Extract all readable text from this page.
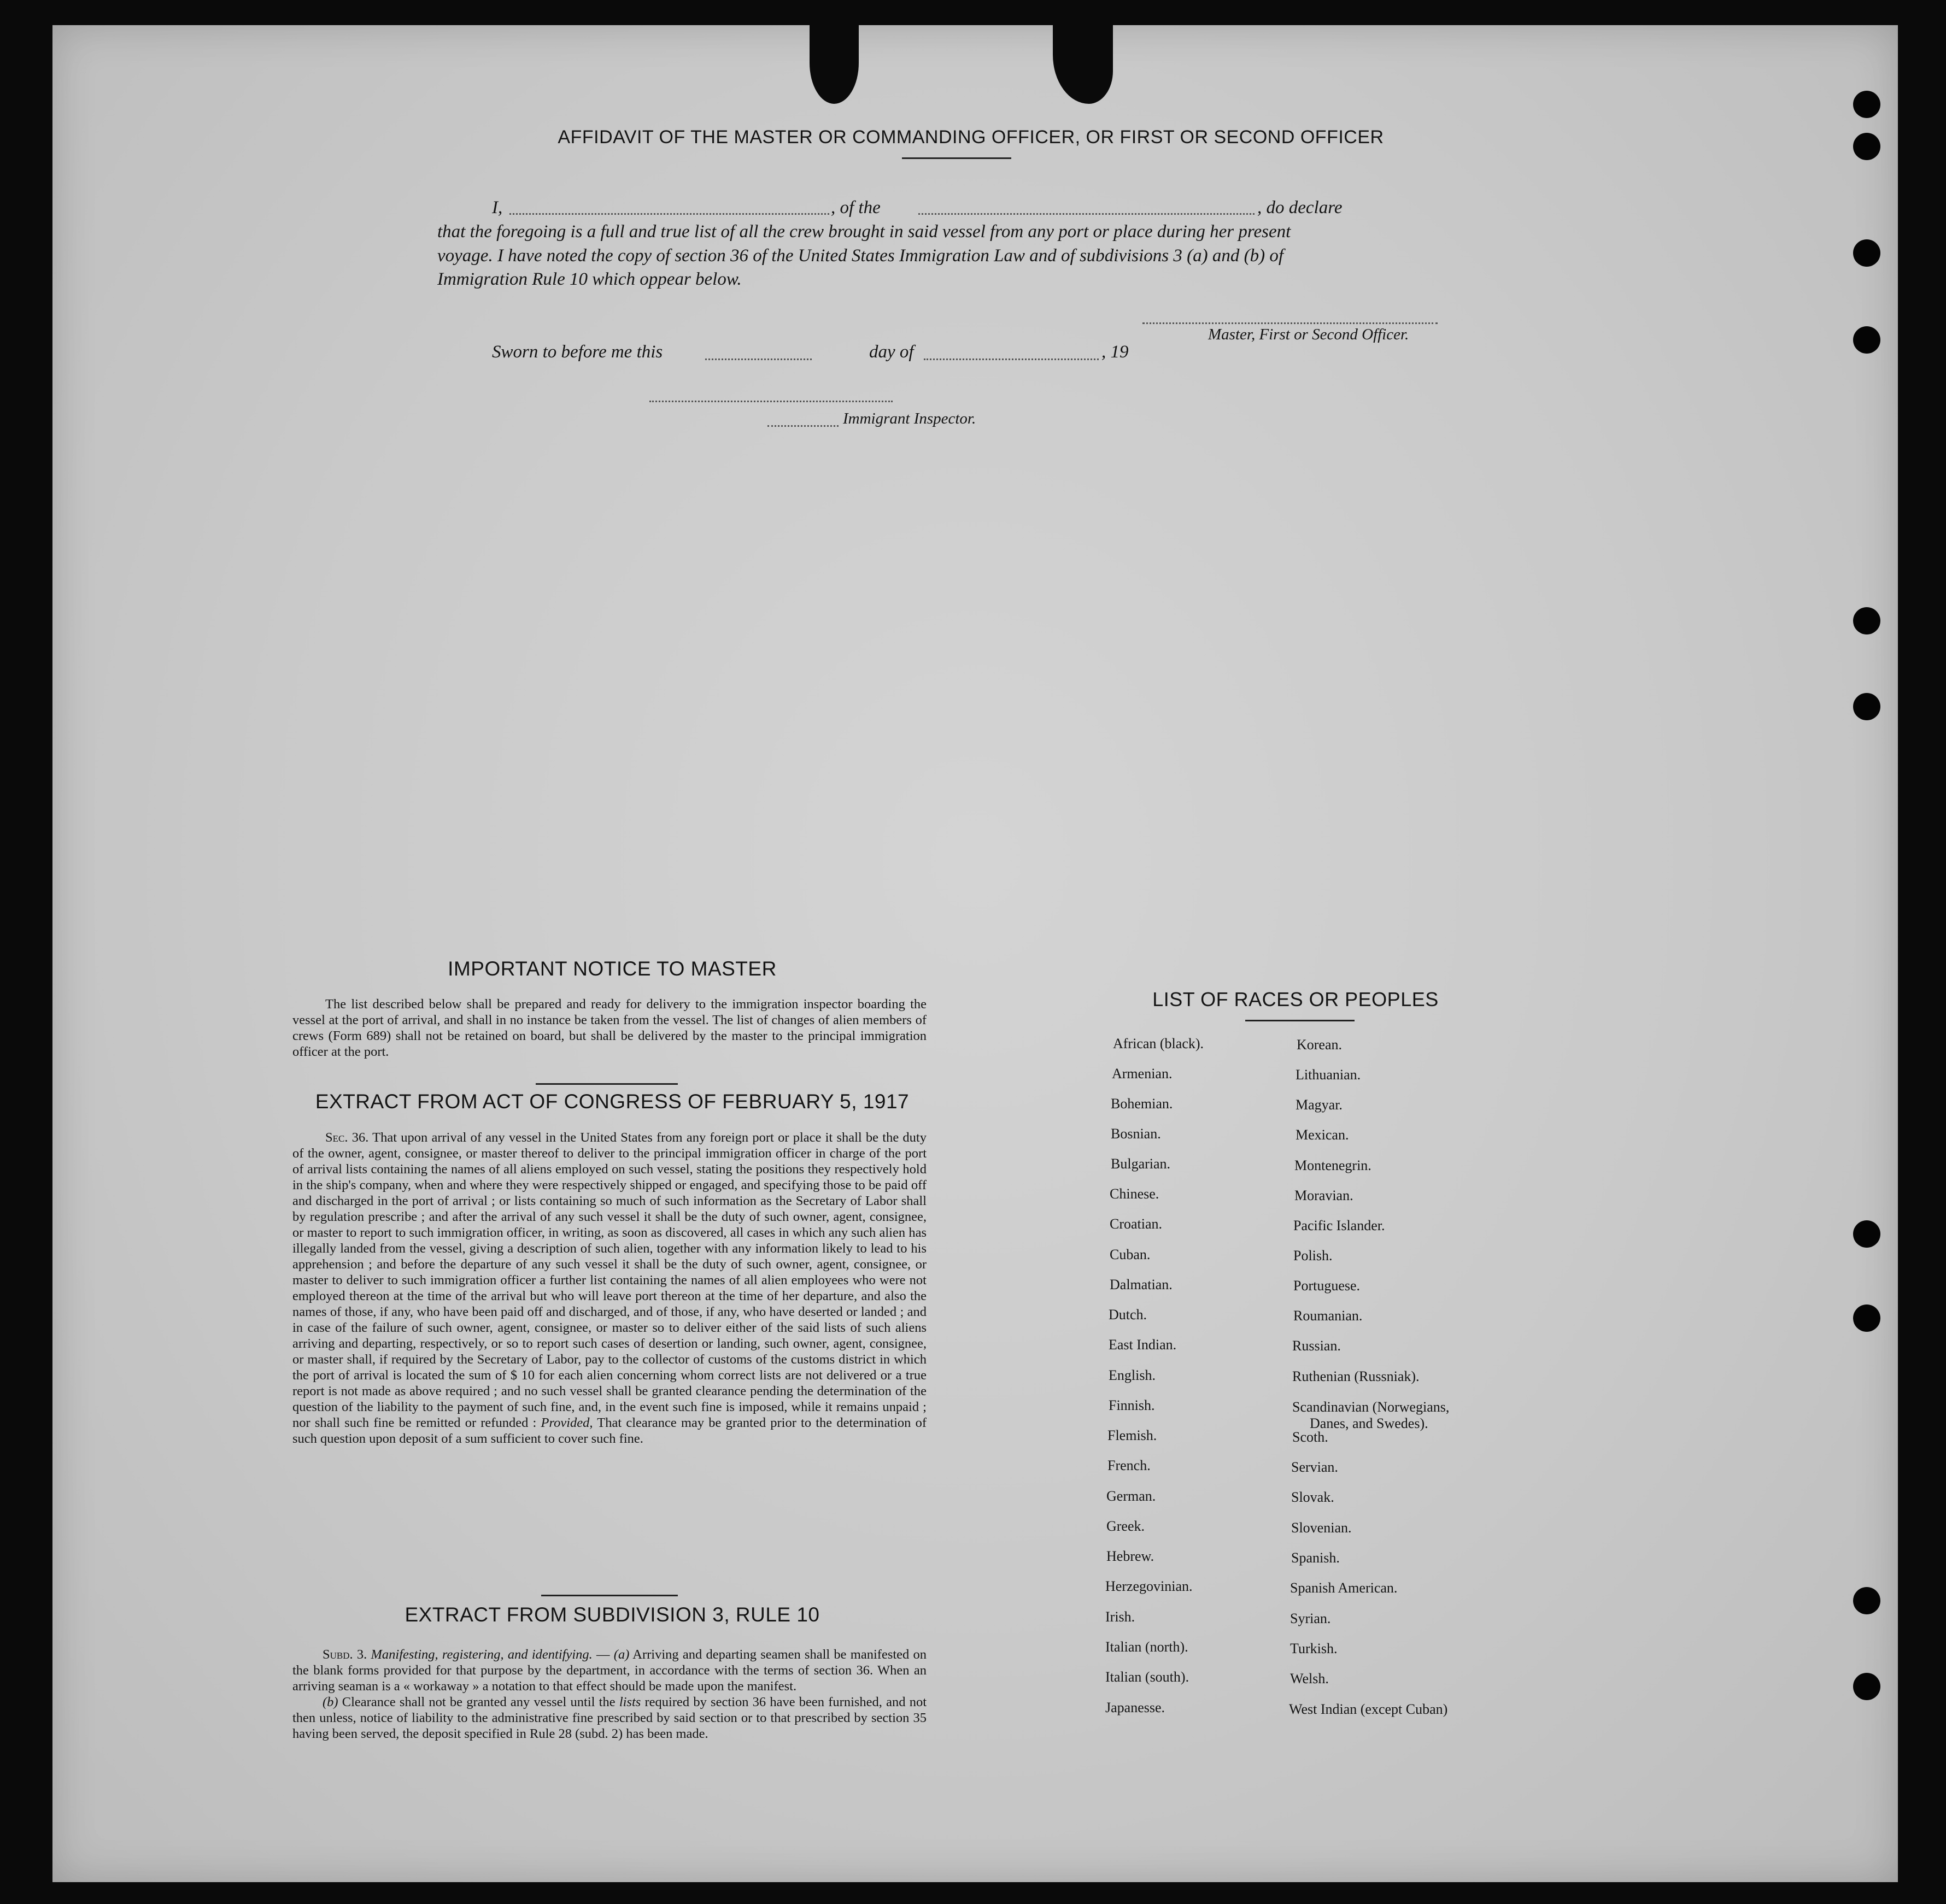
AFFIDAVIT OF THE MASTER OR COMMANDING OFFICER, OR FIRST OR SECOND OFFICER
I,	, of the	, do declare
that the foregoing is a full and true list of all the crew brought in said vessel from any port or place during her present
voyage. I have noted the copy of section 36 of the United States Immigration Law and of subdivisions 3 (a) and (b) of
Immigration Rule 10 which oppear below.
Master, First or Second Officer.
Sworn to before me this	day of	, 19
Immigrant Inspector.
IMPORTANT NOTICE TO MASTER

The list described below shall be prepared and ready for delivery to the immigration inspector boarding the vessel at the port of arrival, and shall in no instance be taken from the vessel. The list of changes of alien members of crews (Form 689) shall not be retained on board, but shall be delivered by the master to the principal immigration officer at the port.

EXTRACT FROM ACT OF CONGRESS OF FEBRUARY 5, 1917

Sec. 36. That upon arrival of any vessel in the United States from any foreign port or place it shall be the duty of the owner, agent, consignee, or master thereof to deliver to the principal immigration officer in charge of the port of arrival lists containing the names of all aliens employed on such vessel, stating the positions they respectively hold in the ship's company, when and where they were respectively shipped or engaged, and specifying those to be paid off and discharged in the port of arrival ; or lists containing so much of such information as the Secretary of Labor shall by regulation prescribe ; and after the arrival of any such vessel it shall be the duty of such owner, agent, consignee, or master to report to such immigration officer, in writing, as soon as discovered, all cases in which any such alien has illegally landed from the vessel, giving a description of such alien, together with any information likely to lead to his apprehension ; and before the departure of any such vessel it shall be the duty of such owner, agent, consignee, or master to deliver to such immigration officer a further list containing the names of all alien employees who were not employed thereon at the time of the arrival but who will leave port thereon at the time of her departure, and also the names of those, if any, who have been paid off and discharged, and of those, if any, who have deserted or landed ; and in case of the failure of such owner, agent, consignee, or master so to deliver either of the said lists of such aliens arriving and departing, respectively, or so to report such cases of desertion or landing, such owner, agent, consignee, or master shall, if required by the Secretary of Labor, pay to the collector of customs of the customs district in which the port of arrival is located the sum of $ 10 for each alien concerning whom correct lists are not delivered or a true report is not made as above required ; and no such vessel shall be granted clearance pending the determination of the question of the liability to the payment of such fine, and, in the event such fine is imposed, while it remains unpaid ; nor shall such fine be remitted or refunded : Provided, That clearance may be granted prior to the determination of such question upon deposit of a sum sufficient to cover such fine.

EXTRACT FROM SUBDIVISION 3, RULE 10

Subd. 3. Manifesting, registering, and identifying. — (a) Arriving and departing seamen shall be manifested on the blank forms provided for that purpose by the department, in accordance with the terms of section 36. When an arriving seaman is a « workaway » a notation to that effect should be made upon the manifest.

(b) Clearance shall not be granted any vessel until the lists required by section 36 have been furnished, and not then unless, notice of liability to the administrative fine prescribed by said section or to that prescribed by section 35 having been served, the deposit specified in Rule 28 (subd. 2) has been made.

LIST OF RACES OR PEOPLES
African (black).
Armenian.
Bohemian.
Bosnian.
Bulgarian.
Chinese.
Croatian.
Cuban.
Dalmatian.
Dutch.
East Indian.
English.
Finnish.
Flemish.
French.
German.
Greek.
Hebrew.
Herzegovinian.
Irish.
Italian (north).
Italian (south).
Japanesse.
Korean.
Lithuanian.
Magyar.
Mexican.
Montenegrin.
Moravian.
Pacific Islander.
Polish.
Portuguese.
Roumanian.
Russian.
Ruthenian (Russniak).
Scandinavian (Norwegians,
Danes, and Swedes).
Scoth.
Servian.
Slovak.
Slovenian.
Spanish.
Spanish American.
Syrian.
Turkish.
Welsh.
West Indian (except Cuban)
